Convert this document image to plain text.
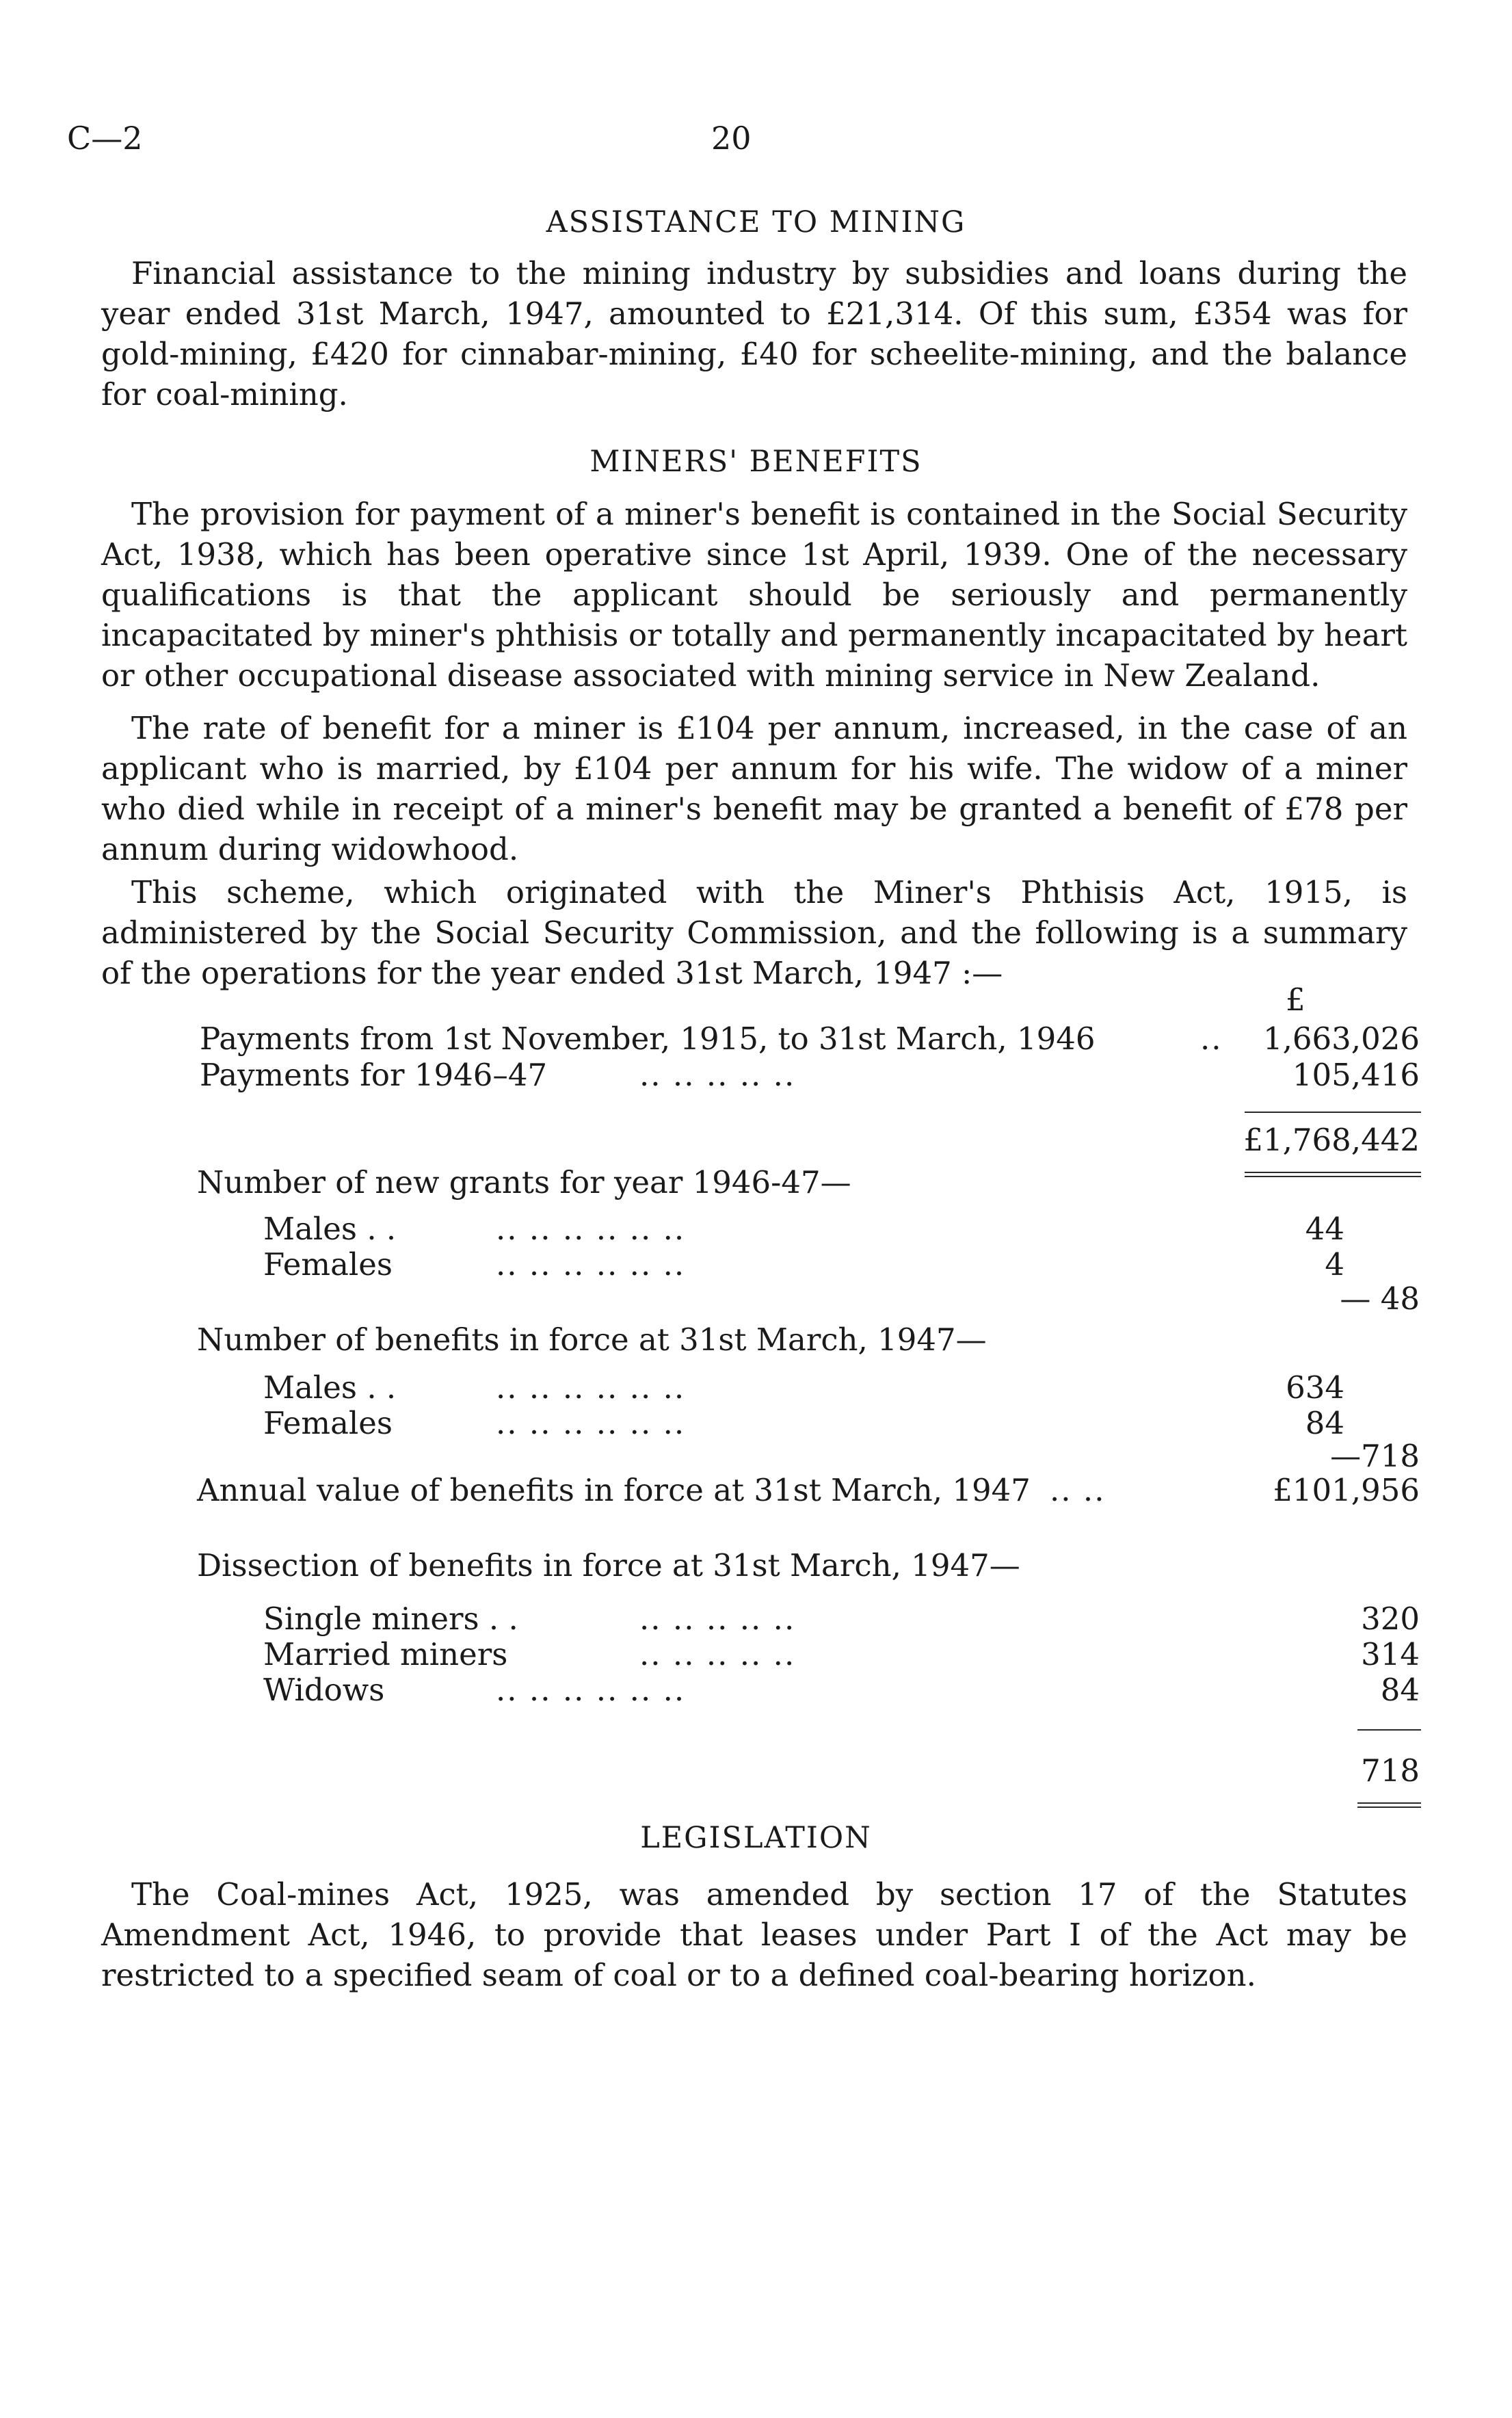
C—2	20
ASSISTANCE TO MINING

Financial assistance to the mining industry by subsidies and loans during the year ended 31st March, 1947, amounted to £21,314. Of this sum, £354 was for gold-mining, £420 for cinnabar-mining, £40 for scheelite-mining, and the balance for coal-mining.

MINERS' BENEFITS

The provision for payment of a miner's benefit is contained in the Social Security Act, 1938, which has been operative since 1st April, 1939. One of the necessary qualifications is that the applicant should be seriously and permanently incapacitated by miner's phthisis or totally and permanently incapacitated by heart or other occupational disease associated with mining service in New Zealand.

The rate of benefit for a miner is £104 per annum, increased, in the case of an applicant who is married, by £104 per annum for his wife. The widow of a miner who died while in receipt of a miner's benefit may be granted a benefit of £78 per annum during widowhood.

This scheme, which originated with the Miner's Phthisis Act, 1915, is administered by the Social Security Commission, and the following is a summary of the operations for the year ended 31st March, 1947 :—

£
Payments from 1st November, 1915, to 31st March, 1946	.. 1,663,026
Payments for 1946–47	.. .. .. .. ..	105,416
£1,768,442
Number of new grants for year 1946-47—
Males . .	.. .. .. .. .. ..	44
Females	.. .. .. .. .. ..	4
— 48
Number of benefits in force at 31st March, 1947—
Males . .	.. .. .. .. .. ..	634
Females	.. .. .. .. .. ..	84
—718
Annual value of benefits in force at 31st March, 1947 .. ..	£101,956
Dissection of benefits in force at 31st March, 1947—
Single miners . .	.. .. .. .. ..	320
Married miners	.. .. .. .. ..	314
Widows	.. .. .. .. .. ..	84
718
LEGISLATION

The Coal-mines Act, 1925, was amended by section 17 of the Statutes Amendment Act, 1946, to provide that leases under Part I of the Act may be restricted to a specified seam of coal or to a defined coal-bearing horizon.
